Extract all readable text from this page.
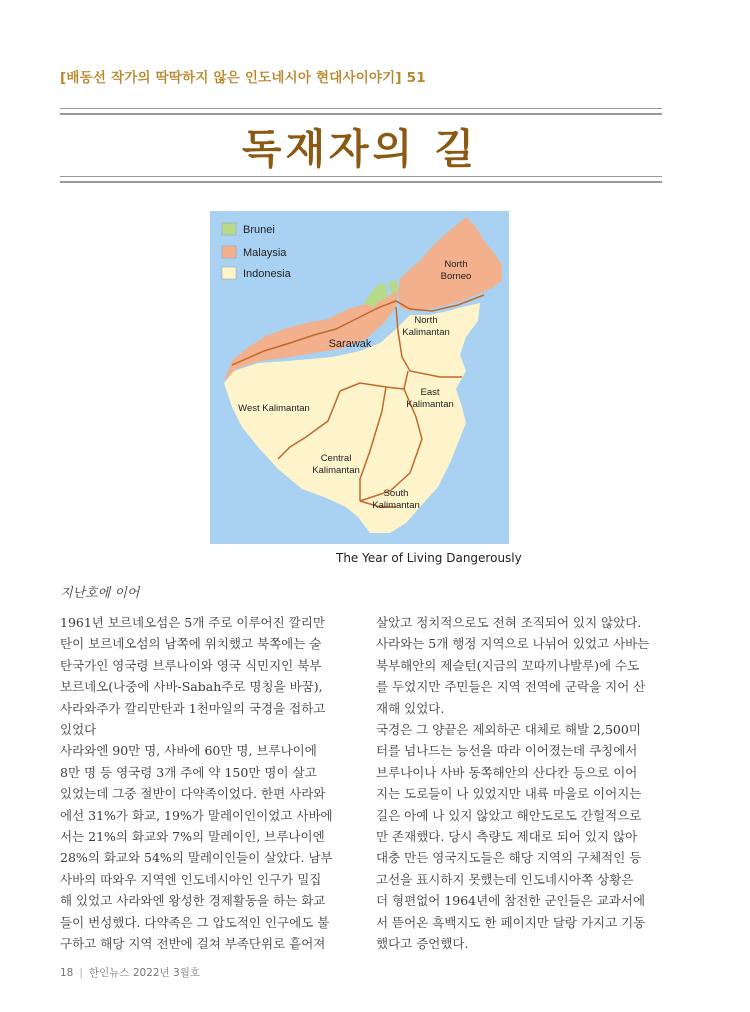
[배동선 작가의 딱딱하지 않은 인도네시아 현대사이야기] 51
독재자의 길
Brunei
Malaysia
Indonesia
North
Borneo
North
Kalimantan
Sarawak
East
Kalimantan
West Kalimantan
Central
Kalimantan
South
Kalimantan
The Year of Living Dangerously
지난호에 이어

1961년 보르네오섬은 5개 주로 이루어진 깔리만

탄이 보르네오섬의 남쪽에 위치했고 북쪽에는 술

탄국가인 영국령 브루나이와 영국 식민지인 북부

보르네오(나중에 사바-Sabah주로 명칭을 바꿈),

사라와주가 깔리만탄과 1천마일의 국경을 접하고

있었다

사라와엔 90만 명, 사바에 60만 명, 브루나이에

8만 명 등 영국령 3개 주에 약 150만 명이 살고

있었는데 그중 절반이 다약족이었다. 한편 사라와

에선 31%가 화교, 19%가 말레이인이었고 사바에

서는 21%의 화교와 7%의 말레이인, 브루나이엔

28%의 화교와 54%의 말레이인들이 살았다. 남부

사바의 따와우 지역엔 인도네시아인 인구가 밀집

해 있었고 사라와엔 왕성한 경제활동을 하는 화교

들이 번성했다. 다약족은 그 압도적인 인구에도 불

구하고 해당 지역 전반에 걸쳐 부족단위로 흩어져

살았고 정치적으로도 전혀 조직되어 있지 않았다.

사라와는 5개 행정 지역으로 나뉘어 있었고 사바는

북부해안의 제슬턴(지금의 꼬따끼나발루)에 수도

를 두었지만 주민들은 지역 전역에 군락을 지어 산

재해 있었다.

국경은 그 양끝은 제외하곤 대체로 해발 2,500미

터를 넘나드는 능선을 따라 이어졌는데 쿠칭에서

브루나이나 사바 동쪽해안의 산다칸 등으로 이어

지는 도로들이 나 있었지만 내륙 마을로 이어지는

길은 아예 나 있지 않았고 해안도로도 간헐적으로

만 존재했다. 당시 측량도 제대로 되어 있지 않아

대충 만든 영국지도들은 해당 지역의 구체적인 등

고선을 표시하지 못했는데 인도네시아쪽 상황은

더 형편없어 1964년에 참전한 군인들은 교과서에

서 뜯어온 흑백지도 한 페이지만 달랑 가지고 기동

했다고 증언했다.

18 | 한인뉴스 2022년 3월호
